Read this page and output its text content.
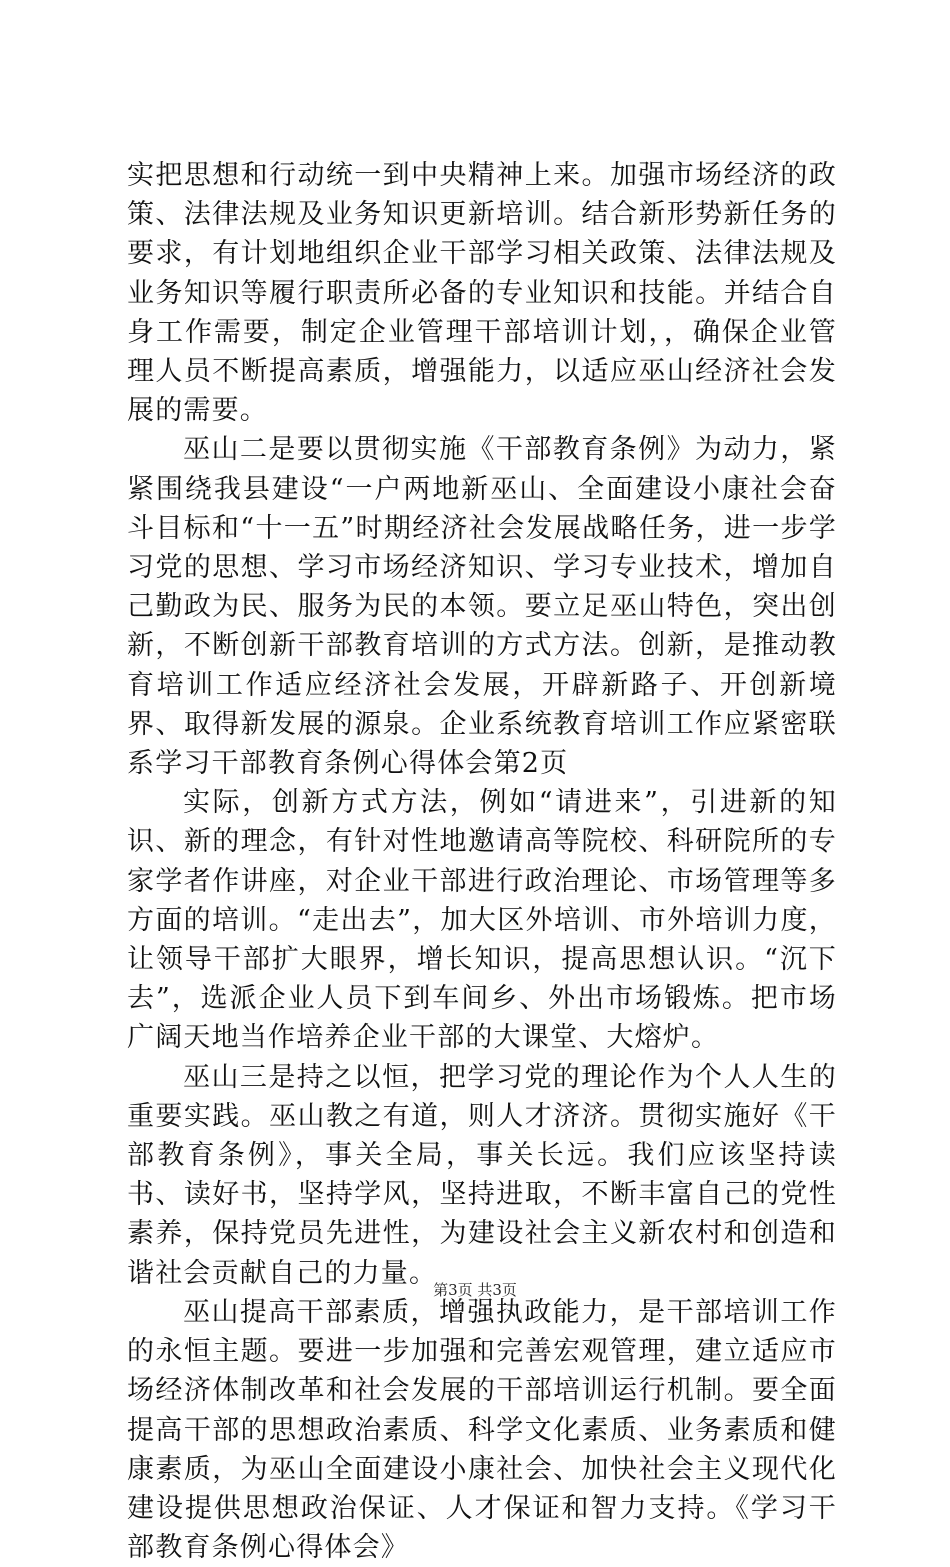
实把思想和行动统一到中央精神上来。加强市场经济的政策、法律法规及业务知识更新培训。结合新形势新任务的要求，有计划地组织企业干部学习相关政策、法律法规及业务知识等履行职责所必备的专业知识和技能。并结合自身工作需要，制定企业管理干部培训计划，，确保企业管理人员不断提高素质，增强能力，以适应巫山经济社会发展的需要。

巫山二是要以贯彻实施《干部教育条例》为动力，紧紧围绕我县建设“一户两地新巫山、全面建设小康社会奋斗目标和“十一五”时期经济社会发展战略任务，进一步学习党的思想、学习市场经济知识、学习专业技术，增加自己勤政为民、服务为民的本领。要立足巫山特色，突出创新，不断创新干部教育培训的方式方法。创新，是推动教育培训工作适应经济社会发展，开辟新路子、开创新境界、取得新发展的源泉。企业系统教育培训工作应紧密联系学习干部教育条例心得体会第2页

实际，创新方式方法，例如“请进来”，引进新的知识、新的理念，有针对性地邀请高等院校、科研院所的专家学者作讲座，对企业干部进行政治理论、市场管理等多方面的培训。“走出去”，加大区外培训、市外培训力度，让领导干部扩大眼界，增长知识，提高思想认识。“沉下去”，选派企业人员下到车间乡、外出市场锻炼。把市场广阔天地当作培养企业干部的大课堂、大熔炉。

巫山三是持之以恒，把学习党的理论作为个人人生的重要实践。巫山教之有道，则人才济济。贯彻实施好《干部教育条例》，事关全局，事关长远。我们应该坚持读书、读好书，坚持学风，坚持进取，不断丰富自己的党性素养，保持党员先进性，为建设社会主义新农村和创造和谐社会贡献自己的力量。

巫山提高干部素质，增强执政能力，是干部培训工作的永恒主题。要进一步加强和完善宏观管理，建立适应市场经济体制改革和社会发展的干部培训运行机制。要全面提高干部的思想政治素质、科学文化素质、业务素质和健康素质，为巫山全面建设小康社会、加快社会主义现代化建设提供思想政治保证、人才保证和智力支持。《学习干部教育条例心得体会》

第3页 共3页
